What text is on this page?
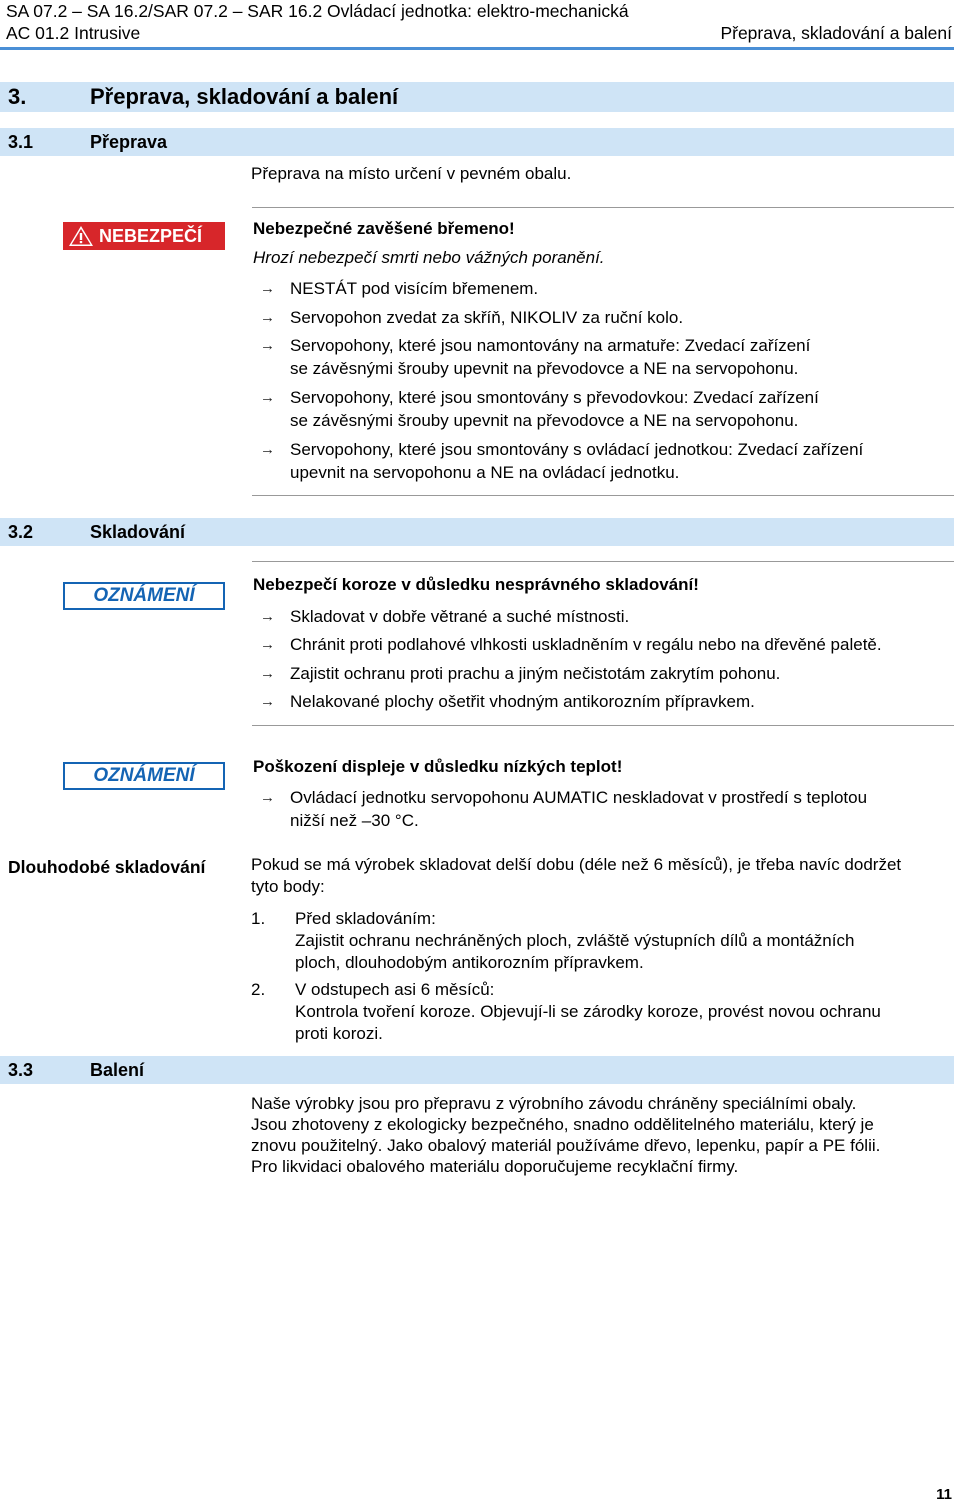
SA 07.2 – SA 16.2/SAR 07.2 – SAR 16.2 Ovládací jednotka: elektro-mechanická
AC 01.2 Intrusive	Přeprava, skladování a balení
3.	Přeprava, skladování a balení
3.1	Přeprava
Přeprava na místo určení v pevném obalu.
NEBEZPEČÍ	Nebezpečné zavěšené břemeno!
Hrozí nebezpečí smrti nebo vážných poranění.
→ NESTÁT pod visícím břemenem.
→ Servopohon zvedat za skříň, NIKOLIV za ruční kolo.
→ Servopohony, které jsou namontovány na armatuře: Zvedací zařízení
se závěsnými šrouby upevnit na převodovce a NE na servopohonu.
→ Servopohony, které jsou smontovány s převodovkou: Zvedací zařízení
se závěsnými šrouby upevnit na převodovce a NE na servopohonu.
→ Servopohony, které jsou smontovány s ovládací jednotkou: Zvedací zařízení
upevnit na servopohonu a NE na ovládací jednotku.
3.2	Skladování
OZNÁMENÍ
Nebezpečí koroze v důsledku nesprávného skladování!
→ Skladovat v dobře větrané a suché místnosti.
→ Chránit proti podlahové vlhkosti uskladněním v regálu nebo na dřevěné paletě.
→ Zajistit ochranu proti prachu a jiným nečistotám zakrytím pohonu.
→ Nelakované plochy ošetřit vhodným antikorozním přípravkem.
OZNÁMENÍ	Poškození displeje v důsledku nízkých teplot!
→ Ovládací jednotku servopohonu AUMATIC neskladovat v prostředí s teplotou
nižší než –30 °C.
Dlouhodobé skladování	Pokud se má výrobek skladovat delší dobu (déle než 6 měsíců), je třeba navíc dodržet
tyto body:
1.	Před skladováním:
Zajistit ochranu nechráněných ploch, zvláště výstupních dílů a montážních
ploch, dlouhodobým antikorozním přípravkem.
2.	V odstupech asi 6 měsíců:
Kontrola tvoření koroze. Objevují-li se zárodky koroze, provést novou ochranu
proti korozi.
3.3	Balení
Naše výrobky jsou pro přepravu z výrobního závodu chráněny speciálními obaly.
Jsou zhotoveny z ekologicky bezpečného, snadno oddělitelného materiálu, který je
znovu použitelný. Jako obalový materiál používáme dřevo, lepenku, papír a PE fólii.
Pro likvidaci obalového materiálu doporučujeme recyklační firmy.
11
